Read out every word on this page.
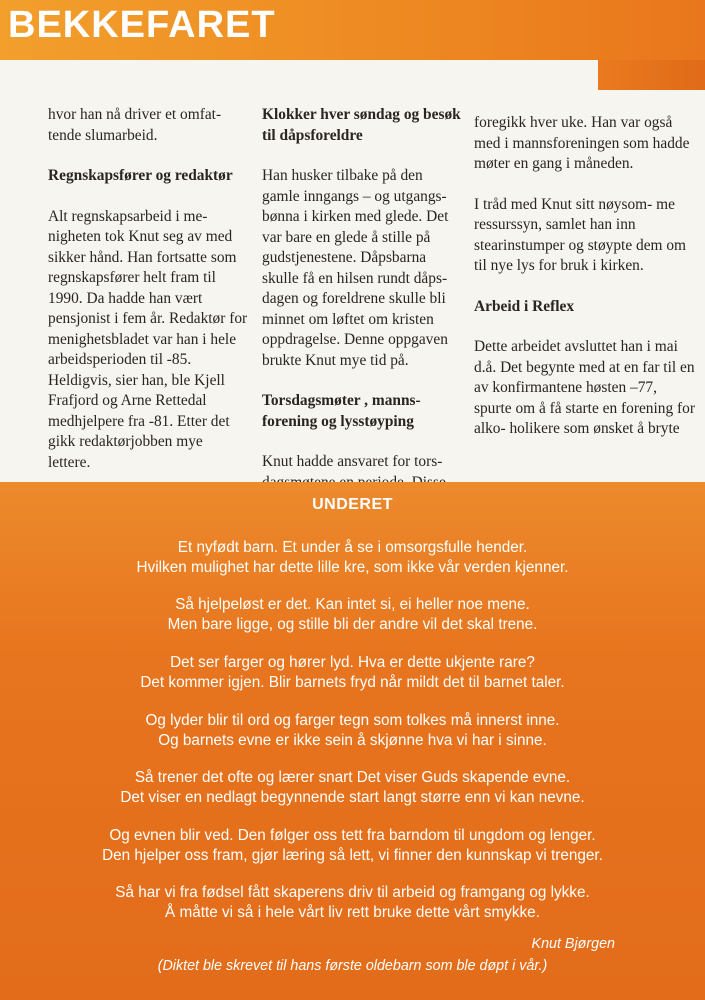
BEKKEFARET

hvor han nå driver et omfat- tende slumarbeid.

Regnskapsfører og redaktør

Alt regnskapsarbeid i me- nigheten tok Knut seg av med sikker hånd. Han fortsatte som regnskapsfører helt fram til 1990. Da hadde han vært pensjonist i fem år. Redaktør for menighetsbladet var han i hele arbeidsperioden til -85. Heldigvis, sier han, ble Kjell Frafjord og Arne Rettedal medhjelpere fra -81. Etter det gikk redaktørjobben mye lettere.

Klokker hver søndag og besøk til dåpsforeldre

Han husker tilbake på den gamle inngangs – og utgangs- bønna i kirken med glede. Det var bare en glede å stille på gudstjenestene. Dåpsbarna skulle få en hilsen rundt dåps- dagen og foreldrene skulle bli minnet om løftet om kristen oppdragelse. Denne oppgaven brukte Knut mye tid på.

Torsdagsmøter , manns- forening og lysstøyping

Knut hadde ansvaret for tors-

foregikk hver uke. Han var også med i mannsforeningen som hadde møter en gang i måneden.

I tråd med Knut sitt nøysom- me ressurssyn, samlet han inn stearinstumper og støypte dem om til nye lys for bruk i kirken.

Arbeid i Reflex

Dette arbeidet avsluttet han i mai d.å. Det begynte med at en far til en av konfirmantene høsten –77, spurte om å få starte en forening for alko- holikere som ønsket å bryte

UNDERET
Et nyfødt barn. Et under å se i omsorgsfulle hender.
Hvilken mulighet har dette lille kre, som ikke vår verden kjenner.
Så hjelpeløst er det. Kan intet si, ei heller noe mene.
Men bare ligge, og stille bli der andre vil det skal trene.
Det ser farger og hører lyd. Hva er dette ukjente rare?
Det kommer igjen. Blir barnets fryd når mildt det til barnet taler.
Og lyder blir til ord og farger tegn som tolkes må innerst inne.
Og barnets evne er ikke sein å skjønne hva vi har i sinne.
Så trener det ofte og lærer snart Det viser Guds skapende evne.
Det viser en nedlagt begynnende start langt større enn vi kan nevne.
Og evnen blir ved. Den følger oss tett fra barndom til ungdom og lenger.
Den hjelper oss fram, gjør læring så lett, vi finner den kunnskap vi trenger.
Så har vi fra fødsel fått skaperens driv til arbeid og framgang og lykke.
Å måtte vi så i hele vårt liv rett bruke dette vårt smykke.
Knut Bjørgen
(Diktet ble skrevet til hans første oldebarn som ble døpt i vår.)
